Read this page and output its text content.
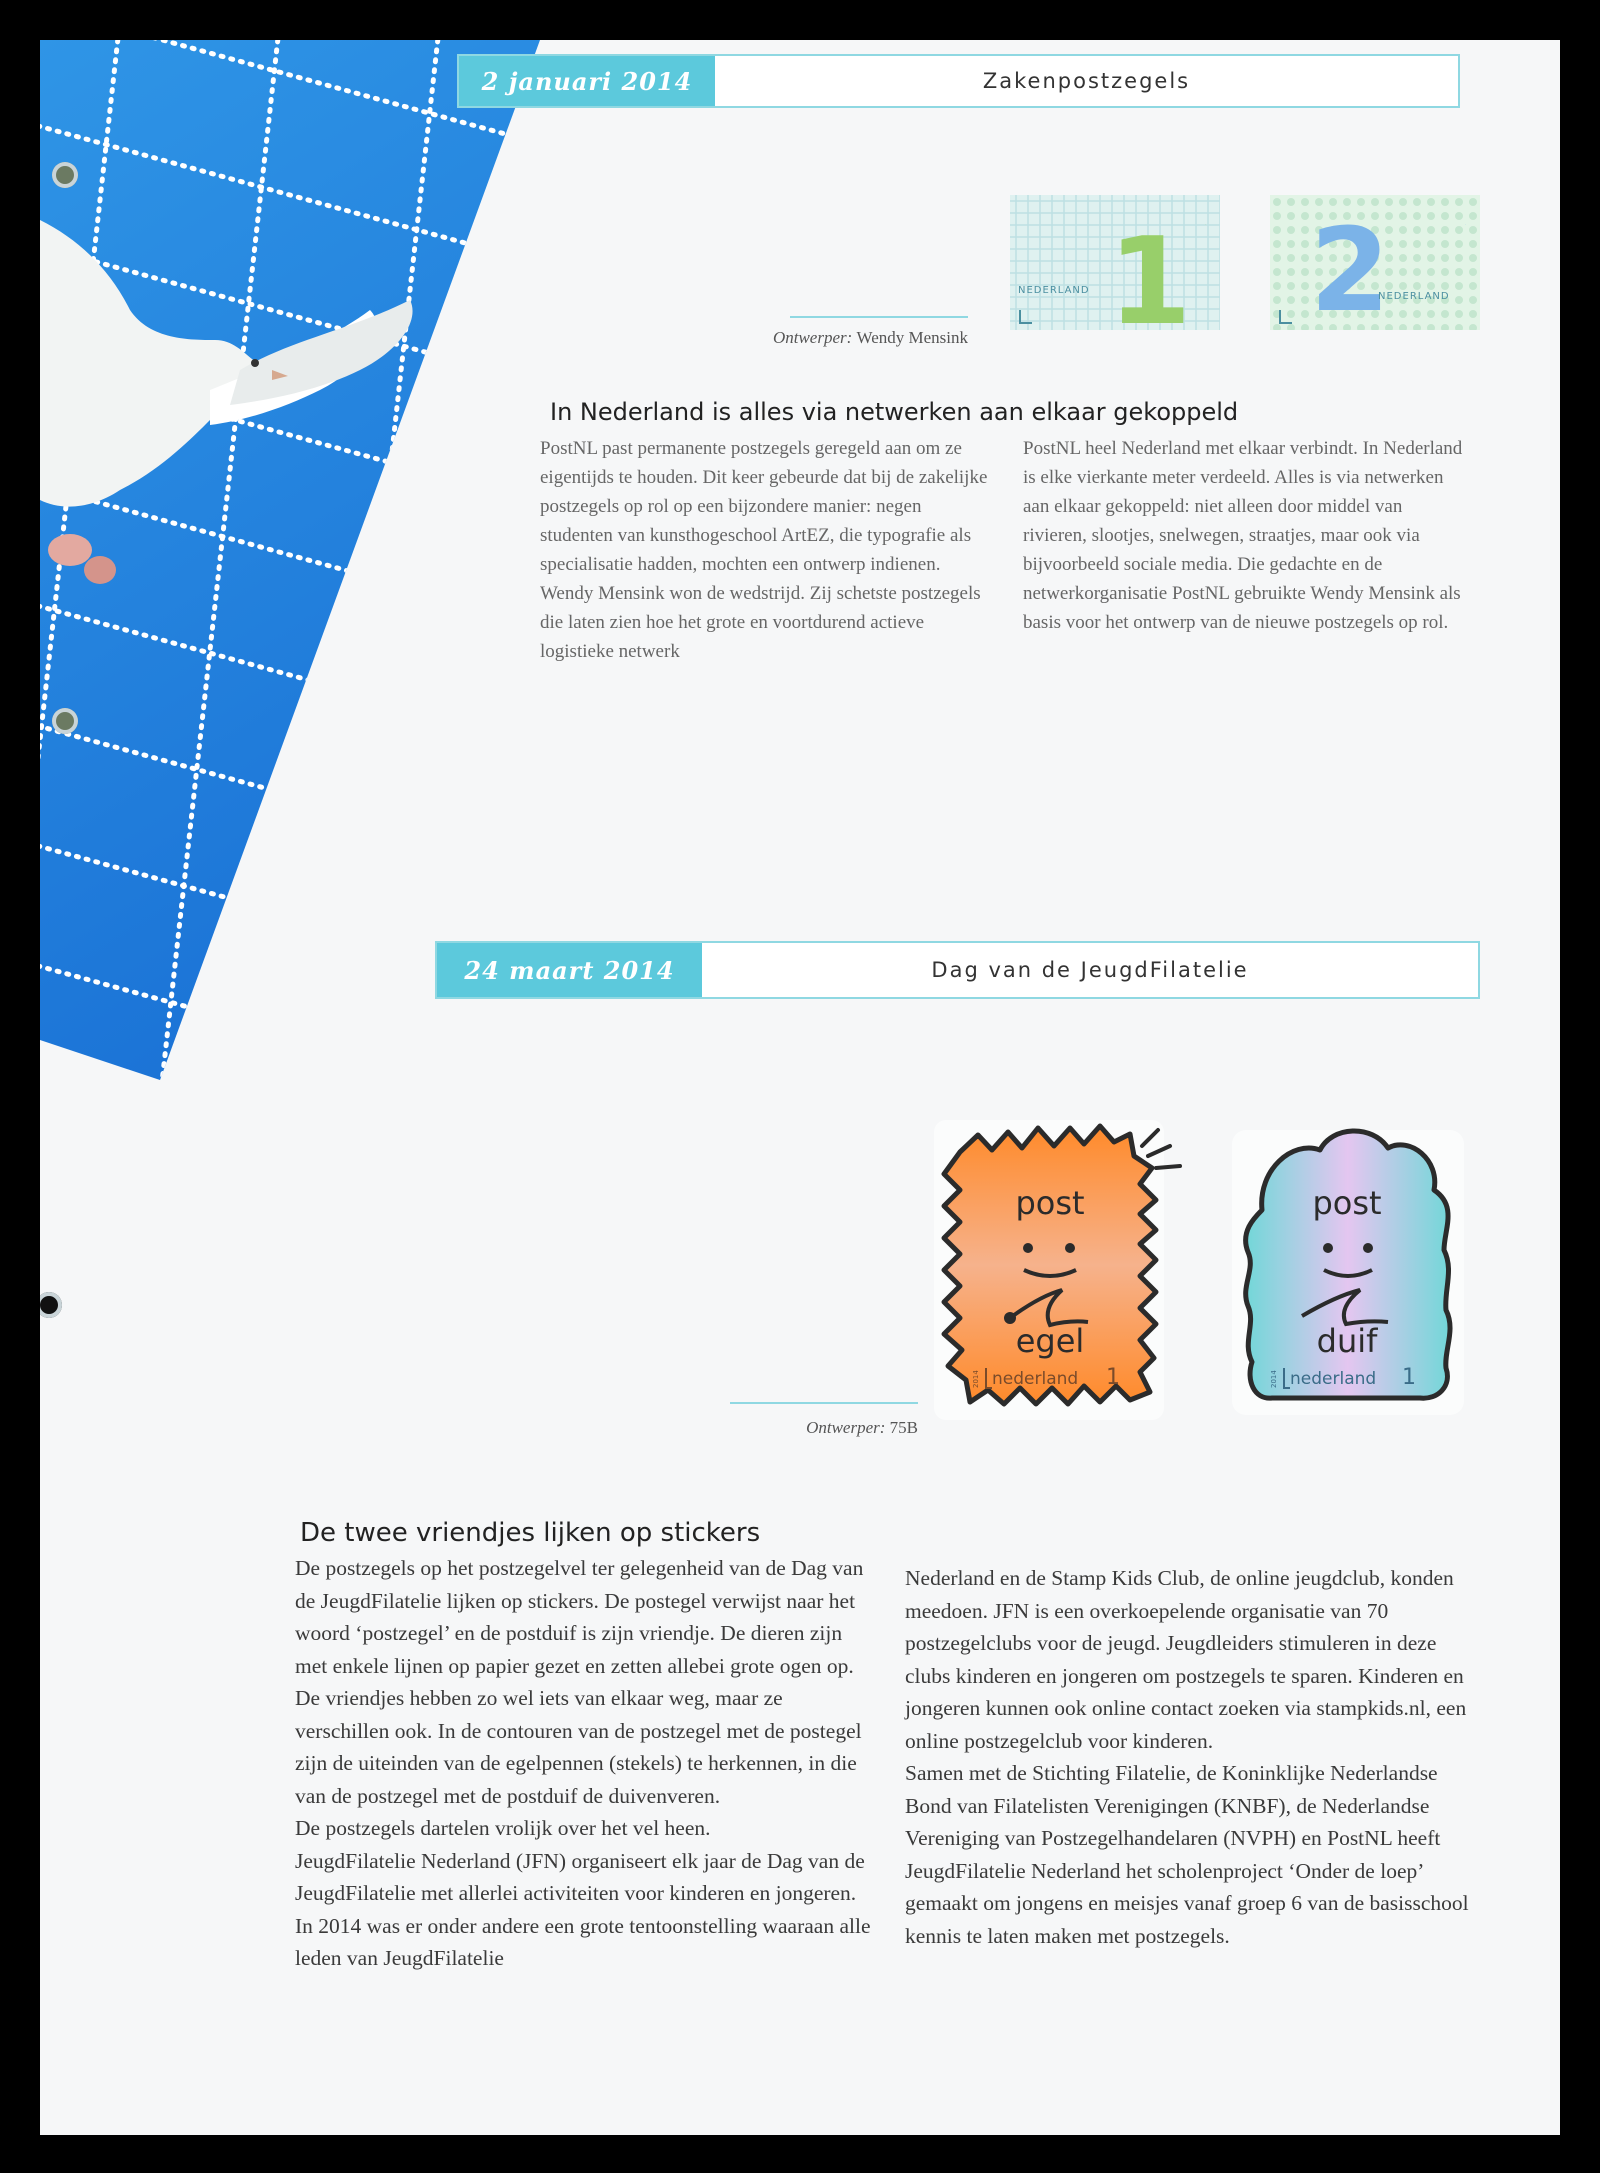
2 januari 2014	Zakenpostzegels
1
NEDERLAND
1 2
NEDERLAND
2
Ontwerper: Wendy Mensink
In Nederland is alles via netwerken aan elkaar gekoppeld

PostNL past permanente postzegels geregeld aan om ze eigentijds te houden. Dit keer gebeurde dat bij de zakelijke postzegels op rol op een bijzondere manier: negen studenten van kunsthogeschool ArtEZ, die typografie als specialisatie hadden, mochten een ontwerp indienen. Wendy Mensink won de wedstrijd. Zij schetste postzegels die laten zien hoe het grote en voortdurend actieve logistieke netwerk

PostNL heel Nederland met elkaar verbindt. In Nederland is elke vierkante meter verdeeld. Alles is via netwerken aan elkaar gekoppeld: niet alleen door middel van rivieren, slootjes, snelwegen, straatjes, maar ook via bijvoorbeeld sociale media. Die gedachte en de netwerkorganisatie PostNL gebruikte Wendy Mensink als basis voor het ontwerp van de nieuwe postzegels op rol.

24 maart 2014	Dag van de JeugdFilatelie
post
egel
nederland 1
2014
post
duif
nederland 1
2014
Ontwerper: 75B
De twee vriendjes lijken op stickers

De postzegels op het postzegelvel ter gelegenheid van de Dag van de JeugdFilatelie lijken op stickers. De postegel verwijst naar het woord ‘postzegel’ en de postduif is zijn vriendje. De dieren zijn met enkele lijnen op papier gezet en zetten allebei grote ogen op. De vriendjes hebben zo wel iets van elkaar weg, maar ze verschillen ook. In de contouren van de postzegel met de postegel zijn de uiteinden van de egelpennen (stekels) te herkennen, in die van de postzegel met de postduif de duivenveren.

De postzegels dartelen vrolijk over het vel heen.

JeugdFilatelie Nederland (JFN) organiseert elk jaar de Dag van de JeugdFilatelie met allerlei activiteiten voor kinderen en jongeren. In 2014 was er onder andere een grote tentoonstelling waaraan alle leden van JeugdFilatelie

Nederland en de Stamp Kids Club, de online jeugdclub, konden meedoen. JFN is een overkoepelende organisatie van 70 postzegelclubs voor de jeugd. Jeugdleiders stimuleren in deze clubs kinderen en jongeren om postzegels te sparen. Kinderen en jongeren kunnen ook online contact zoeken via stampkids.nl, een online postzegelclub voor kinderen.

Samen met de Stichting Filatelie, de Koninklijke Nederlandse Bond van Filatelisten Verenigingen (KNBF), de Nederlandse Vereniging van Postzegelhandelaren (NVPH) en PostNL heeft JeugdFilatelie Nederland het scholenproject ‘Onder de loep’ gemaakt om jongens en meisjes vanaf groep 6 van de basisschool kennis te laten maken met postzegels.
